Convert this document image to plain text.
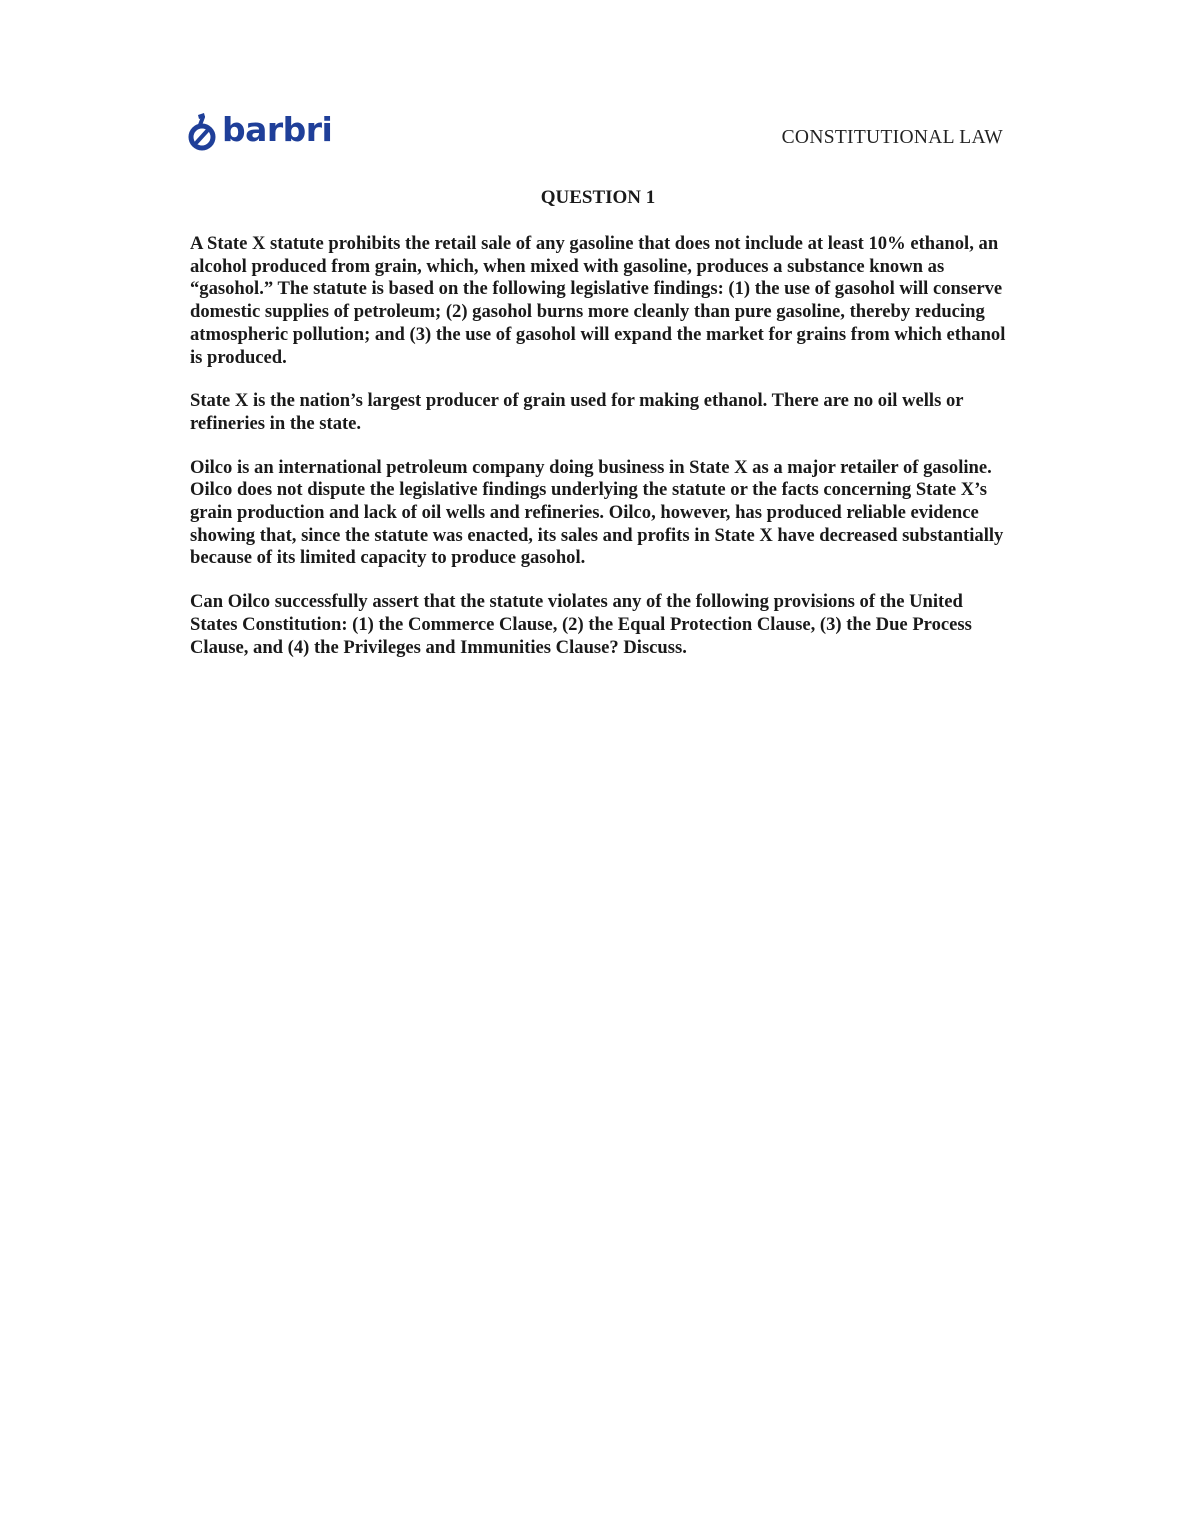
barbri	CONSTITUTIONAL LAW
QUESTION 1

A State X statute prohibits the retail sale of any gasoline that does not include at least 10% ethanol, an alcohol produced from grain, which, when mixed with gasoline, produces a substance known as “gasohol.” The statute is based on the following legislative findings: (1) the use of gasohol will conserve domestic supplies of petroleum; (2) gasohol burns more cleanly than pure gasoline, thereby reducing atmospheric pollution; and (3) the use of gasohol will expand the market for grains from which ethanol is produced.

State X is the nation’s largest producer of grain used for making ethanol. There are no oil wells or refineries in the state.

Oilco is an international petroleum company doing business in State X as a major retailer of gasoline. Oilco does not dispute the legislative findings underlying the statute or the facts concerning State X’s grain production and lack of oil wells and refineries. Oilco, however, has produced reliable evidence showing that, since the statute was enacted, its sales and profits in State X have decreased substantially because of its limited capacity to produce gasohol.

Can Oilco successfully assert that the statute violates any of the following provisions of the United States Constitution: (1) the Commerce Clause, (2) the Equal Protection Clause, (3) the Due Process Clause, and (4) the Privileges and Immunities Clause? Discuss.
